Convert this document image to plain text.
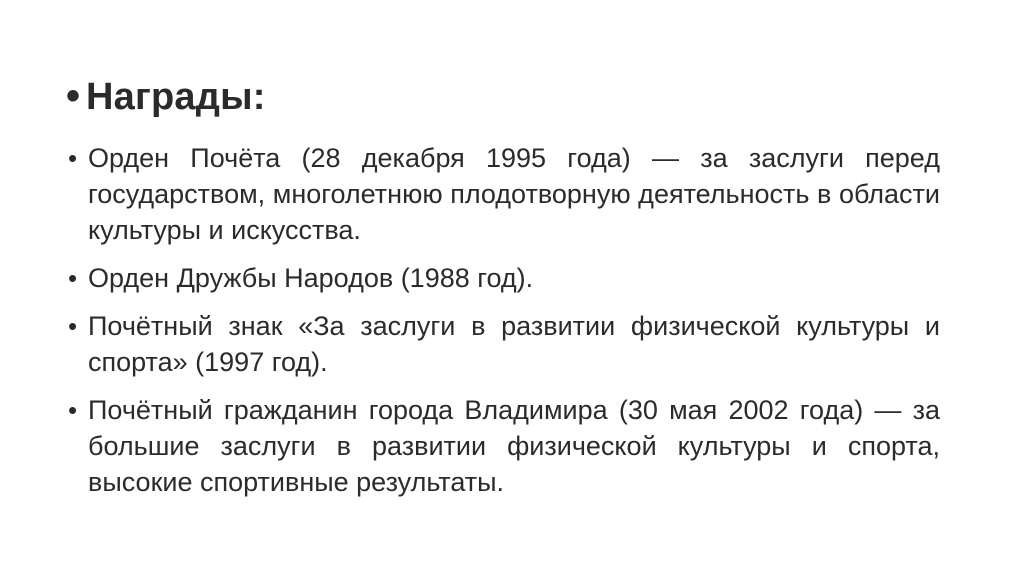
• Награды:
• Орден Почёта (28 декабря 1995 года) — за заслуги перед государством, многолетнюю плодотворную деятельность в области культуры и искусства.
• Орден Дружбы Народов (1988 год).
• Почётный знак «За заслуги в развитии физической культуры и спорта» (1997 год).
• Почётный гражданин города Владимира (30 мая 2002 года) — за большие заслуги в развитии физической культуры и спорта, высокие спортивные результаты.
